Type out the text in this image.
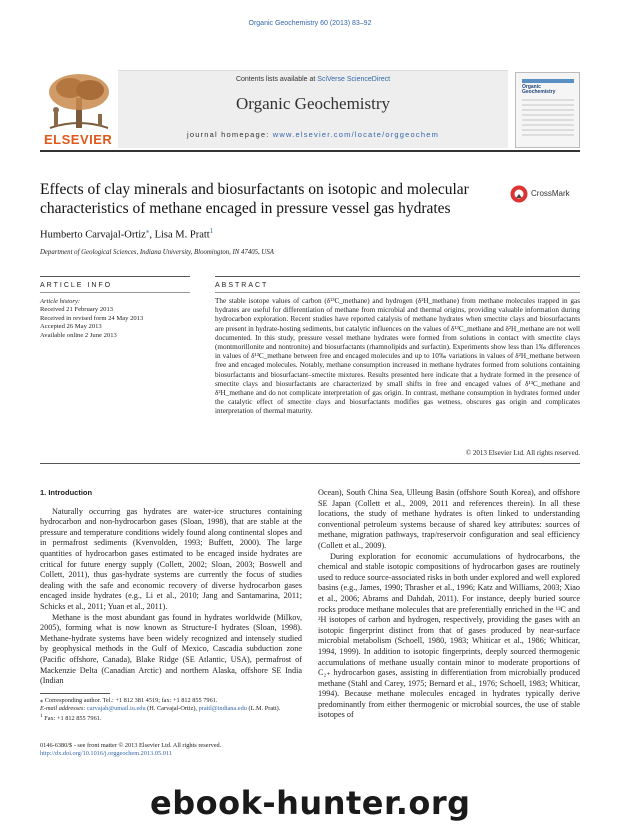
Organic Geochemistry 60 (2013) 83–92
ELSEVIER
Contents lists available at SciVerse ScienceDirect
Organic Geochemistry
journal homepage: www.elsevier.com/locate/orggeochem
Organic Geochemistry
Effects of clay minerals and biosurfactants on isotopic and molecular
characteristics of methane encaged in pressure vessel gas hydrates
CrossMark
Humberto Carvajal-Ortiz⁎, Lisa M. Pratt$^1$
Department of Geological Sciences, Indiana University, Bloomington, IN 47405, USA
ARTICLE INFO	ABSTRACT
Article history:
Received 21 February 2013
Received in revised form 24 May 2013
Accepted 26 May 2013
Available online 2 June 2013
The stable isotope values of carbon (δ¹³C_methane) and hydrogen (δ²H_methane) from methane molecules trapped in gas hydrates are useful for differentiation of methane from microbial and thermal origins, providing valuable information during hydrocarbon exploration. Recent studies have reported catalysis of methane hydrates when smectite clays and biosurfactants are present in hydrate-hosting sediments, but catalytic influences on the values of δ¹³C_methane and δ²H_methane are not well documented. In this study, pressure vessel methane hydrates were formed from solutions in contact with smectite clays (montmorillonite and nontronite) and biosurfactants (rhamnolipids and surfactin). Experiments show less than 1‰ differences in values of δ¹³C_methane between free and encaged molecules and up to 10‰ variations in values of δ²H_methane between free and encaged molecules. Notably, methane consumption increased in methane hydrates formed from solutions containing biosurfactants and biosurfactant–smectite mixtures. Results presented here indicate that a hydrate formed in the presence of smectite clays and biosurfactants are characterized by small shifts in free and encaged values of δ¹³C_methane and δ²H_methane and do not complicate interpretation of gas origin. In contrast, methane consumption in hydrates formed under the catalytic effect of smectite clays and biosurfactants modifies gas wetness, obscures gas origin and complicates interpretation of thermal maturity.
© 2013 Elsevier Ltd. All rights reserved.
1. Introduction

Naturally occurring gas hydrates are water-ice structures containing hydrocarbon and non-hydrocarbon gases (Sloan, 1998), that are stable at the pressure and temperature conditions widely found along continental slopes and in permafrost sediments (Kvenvolden, 1993; Buffett, 2000). The large quantities of hydrocarbon gases estimated to be encaged inside hydrates are critical for future energy supply (Collett, 2002; Sloan, 2003; Boswell and Collett, 2011), thus gas-hydrate systems are currently the focus of studies dealing with the safe and economic recovery of diverse hydrocarbon gases encaged inside hydrates (e.g., Li et al., 2010; Jang and Santamarina, 2011; Schicks et al., 2011; Yuan et al., 2011).

Methane is the most abundant gas found in hydrates worldwide (Milkov, 2005), forming what is now known as Structure-I hydrates (Sloan, 1998). Methane-hydrate systems have been widely recognized and intensely studied by geophysical methods in the Gulf of Mexico, Cascadia subduction zone (Pacific offshore, Canada), Blake Ridge (SE Atlantic, USA), permafrost of Mackenzie Delta (Canadian Arctic) and northern Alaska, offshore SE India (Indian

Ocean), South China Sea, Ulleung Basin (offshore South Korea), and offshore SE Japan (Collett et al., 2009, 2011 and references therein). In all these locations, the study of methane hydrates is often linked to understanding conventional petroleum systems because of shared key attributes: sources of methane, migration pathways, trap/reservoir configuration and seal efficiency (Collett et al., 2009).

During exploration for economic accumulations of hydrocarbons, the chemical and stable isotopic compositions of hydrocarbon gases are routinely used to reduce source-associated risks in both under explored and well explored basins (e.g., James, 1990; Thrasher et al., 1996; Katz and Williams, 2003; Xiao et al., 2006; Abrams and Dahdah, 2011). For instance, deeply buried source rocks produce methane molecules that are preferentially enriched in the ¹³C and ²H isotopes of carbon and hydrogen, respectively, providing the gases with an isotopic fingerprint distinct from that of gases produced by near-surface microbial metabolism (Schoell, 1980, 1983; Whiticar et al., 1986; Whiticar, 1994, 1999). In addition to isotopic fingerprints, deeply sourced thermogenic accumulations of methane usually contain minor to moderate proportions of C₂₊ hydrocarbon gases, assisting in differentiation from microbially produced methane (Stahl and Carey, 1975; Bernard et al., 1976; Schoell, 1983; Whiticar, 1994). Because methane molecules encaged in hydrates typically derive predominantly from either thermogenic or microbial sources, the use of stable isotopes of

⁎ Corresponding author. Tel.: +1 812 381 4519; fax: +1 812 855 7961.
E-mail addresses: carvajah@umail.iu.edu (H. Carvajal-Ortiz), prattl@indiana.edu (L.M. Pratt).
$^1$ Fax: +1 812 855 7961.
0146-6380/$ - see front matter © 2013 Elsevier Ltd. All rights reserved.
http://dx.doi.org/10.1016/j.orggeochem.2013.05.011
ebook-hunter.org
